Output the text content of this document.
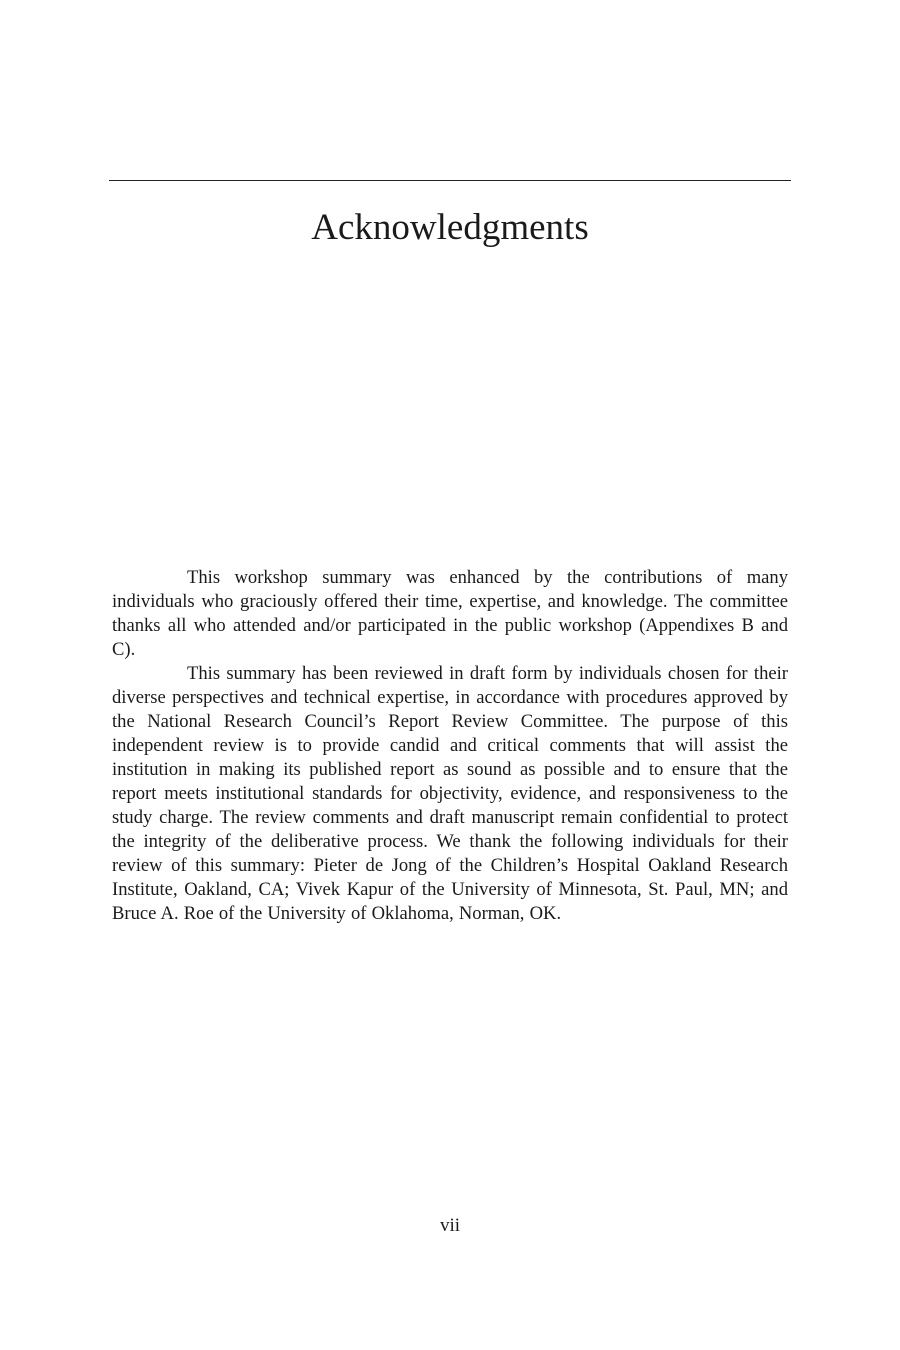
Acknowledgments

This workshop summary was enhanced by the contributions of many individuals who graciously offered their time, expertise, and knowledge. The committee thanks all who attended and/or participated in the public workshop (Appendixes B and C).

This summary has been reviewed in draft form by individuals chosen for their diverse perspectives and technical expertise, in accordance with procedures approved by the National Research Council’s Report Review Committee. The purpose of this independent review is to provide candid and critical comments that will assist the institution in making its published report as sound as possible and to ensure that the report meets institutional standards for objectivity, evidence, and responsiveness to the study charge. The review comments and draft manuscript remain confidential to protect the integrity of the deliberative process. We thank the following individuals for their review of this summary: Pieter de Jong of the Children’s Hospital Oakland Research Institute, Oakland, CA; Vivek Kapur of the University of Minnesota, St. Paul, MN; and Bruce A. Roe of the University of Oklahoma, Norman, OK.

vii
